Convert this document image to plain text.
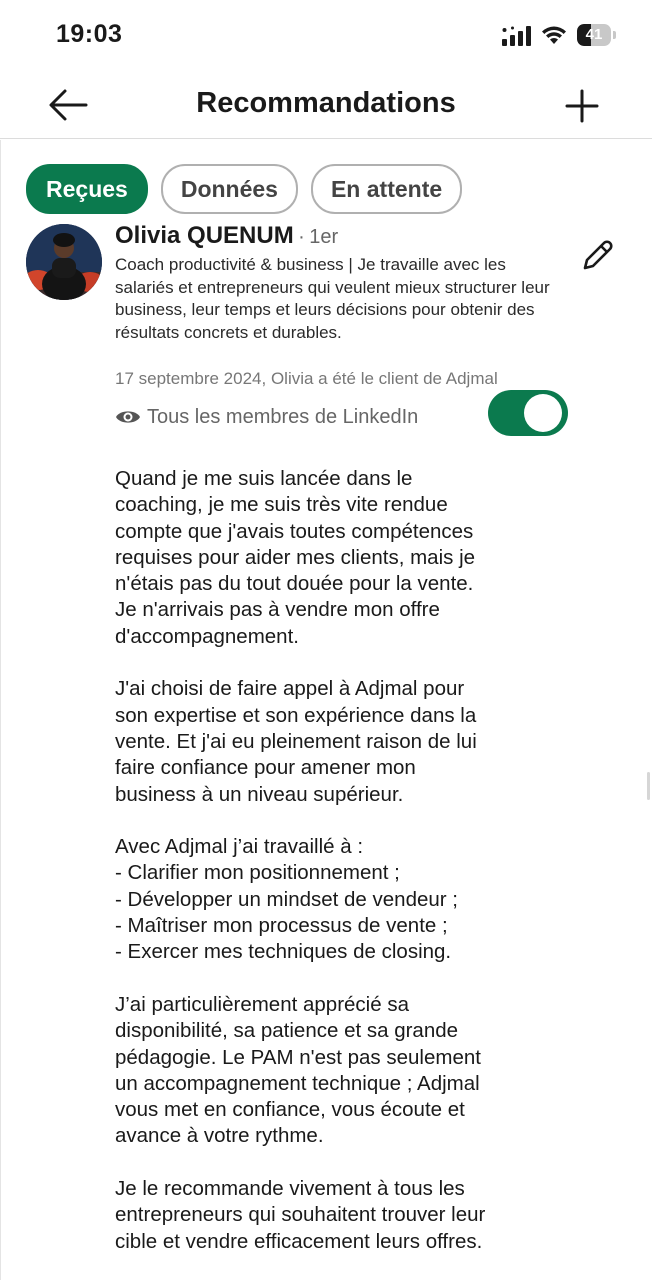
19:03	41
Recommandations
Reçues	Données	En attente
Olivia QUENUM · 1er
Coach productivité & business | Je travaille avec les salariés et entrepreneurs qui veulent mieux structurer leur business, leur temps et leurs décisions pour obtenir des résultats concrets et durables.
17 septembre 2024, Olivia a été le client de Adjmal
Tous les membres de LinkedIn

Quand je me suis lancée dans le
coaching, je me suis très vite rendue
compte que j'avais toutes compétences
requises pour aider mes clients, mais je
n'étais pas du tout douée pour la vente.
Je n'arrivais pas à vendre mon offre
d'accompagnement.

J'ai choisi de faire appel à Adjmal pour
son expertise et son expérience dans la
vente. Et j'ai eu pleinement raison de lui
faire confiance pour amener mon
business à un niveau supérieur.

Avec Adjmal j’ai travaillé à :
- Clarifier mon positionnement ;
- Développer un mindset de vendeur ;
- Maîtriser mon processus de vente ;
- Exercer mes techniques de closing.

J’ai particulièrement apprécié sa
disponibilité, sa patience et sa grande
pédagogie. Le PAM n'est pas seulement
un accompagnement technique ; Adjmal
vous met en confiance, vous écoute et
avance à votre rythme.

Je le recommande vivement à tous les
entrepreneurs qui souhaitent trouver leur
cible et vendre efficacement leurs offres.
